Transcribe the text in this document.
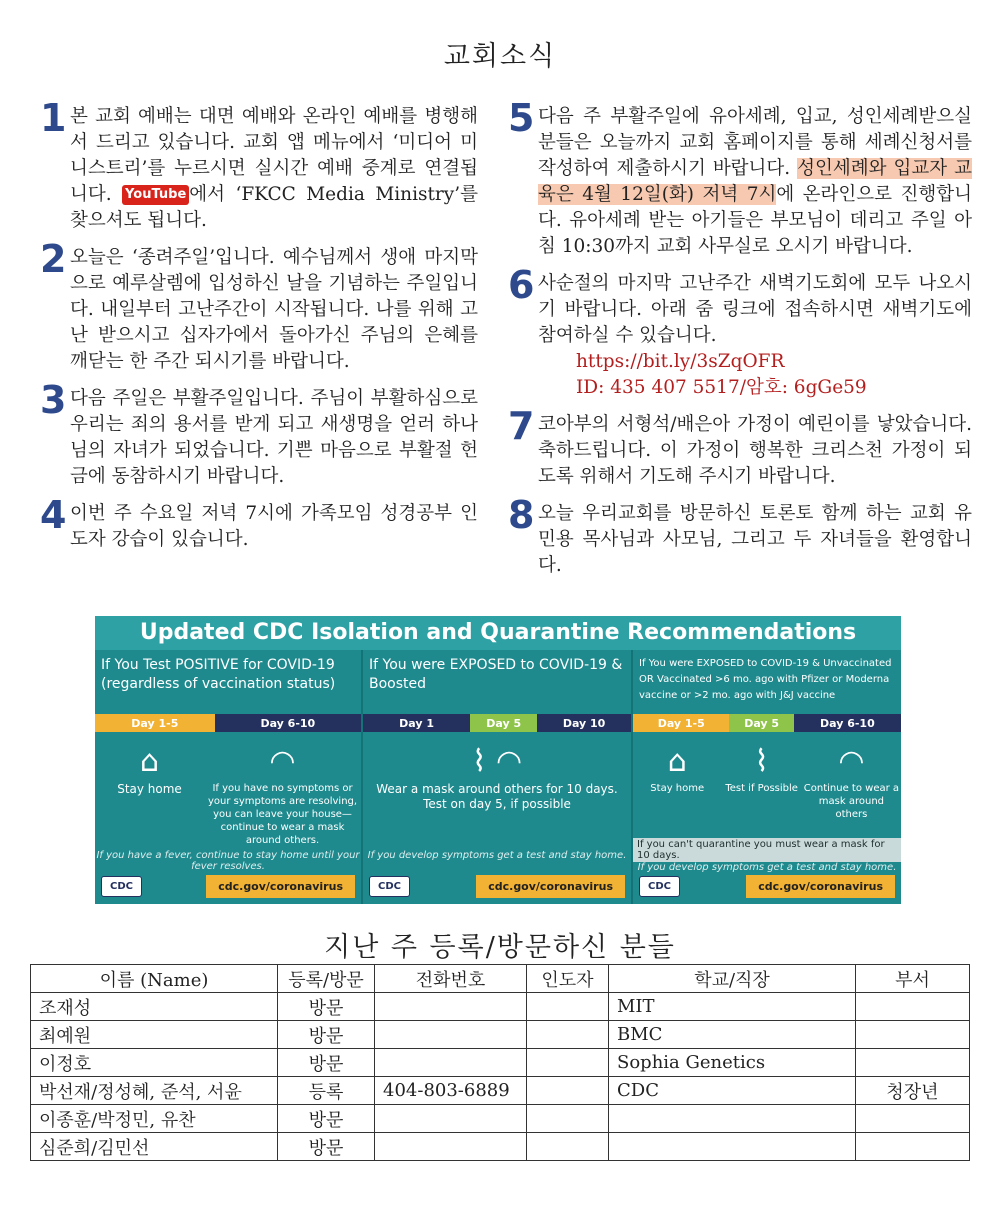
교회소식
1 본 교회 예배는 대면 예배와 온라인 예배를 병행해서 드리고 있습니다. 교회 앱 메뉴에서 ‘미디어 미니스트리’를 누르시면 실시간 예배 중계로 연결됩니다. YouTube 에서 ‘FKCC Media Ministry’를 찾으셔도 됩니다.
2 오늘은 ‘종려주일’입니다. 예수님께서 생애 마지막으로 예루살렘에 입성하신 날을 기념하는 주일입니다. 내일부터 고난주간이 시작됩니다. 나를 위해 고난 받으시고 십자가에서 돌아가신 주님의 은혜를 깨닫는 한 주간 되시기를 바랍니다.
3 다음 주일은 부활주일입니다. 주님이 부활하심으로 우리는 죄의 용서를 받게 되고 새생명을 얻러 하나님의 자녀가 되었습니다. 기쁜 마음으로 부활절 헌금에 동참하시기 바랍니다.
4 이번 주 수요일 저녁 7시에 가족모임 성경공부 인도자 강습이 있습니다.
5 다음 주 부활주일에 유아세례, 입교, 성인세례받으실 분들은 오늘까지 교회 홈페이지를 통해 세례신청서를 작성하여 제출하시기 바랍니다. 성인세례와 입교자 교육은 4월 12일(화) 저녁 7시에 온라인으로 진행합니다. 유아세례 받는 아기들은 부모님이 데리고 주일 아침 10:30까지 교회 사무실로 오시기 바랍니다.
6 사순절의 마지막 고난주간 새벽기도회에 모두 나오시기 바랍니다. 아래 줌 링크에 접속하시면 새벽기도에 참여하실 수 있습니다.
https://bit.ly/3sZqOFR
ID: 435 407 5517/암호: 6gGe59
7 코아부의 서형석/배은아 가정이 예린이를 낳았습니다. 축하드립니다. 이 가정이 행복한 크리스천 가정이 되도록 위해서 기도해 주시기 바랍니다.
8 오늘 우리교회를 방문하신 토론토 함께 하는 교회 유민용 목사님과 사모님, 그리고 두 자녀들을 환영합니다.
Updated CDC Isolation and Quarantine Recommendations
If You Test POSITIVE for COVID-19 (regardless of vaccination status)
Day 1-5	Day 6-10
⌂
Stay home
◠
If you have no symptoms or your symptoms are resolving, you can leave your house—continue to wear a mask around others.
If you have a fever, continue to stay home until your fever resolves.
CDC	cdc.gov/coronavirus
If You were EXPOSED to COVID-19 & Boosted
Day 1	Day 5	Day 10
⌇ ◠
Wear a mask around others for 10 days. Test on day 5, if possible
If you develop symptoms get a test and stay home.
CDC	cdc.gov/coronavirus
If You were EXPOSED to COVID-19 & Unvaccinated OR Vaccinated >6 mo. ago with Pfizer or Moderna vaccine or >2 mo. ago with J&J vaccine
Day 1-5	Day 5	Day 6-10
⌂
Stay home
⌇
Test if Possible
◠
Continue to wear a mask around others
If you can't quarantine you must wear a mask for 10 days.
If you develop symptoms get a test and stay home.
CDC	cdc.gov/coronavirus
지난 주 등록/방문하신 분들
이름 (Name)	등록/방문	전화번호	인도자	학교/직장	부서
조재성	방문			MIT	
최예원	방문			BMC	
이정호	방문			Sophia Genetics	
박선재/정성혜, 준석, 서윤	등록	404-803-6889		CDC	청장년
이종훈/박정민, 유찬	방문				
심준희/김민선	방문				
